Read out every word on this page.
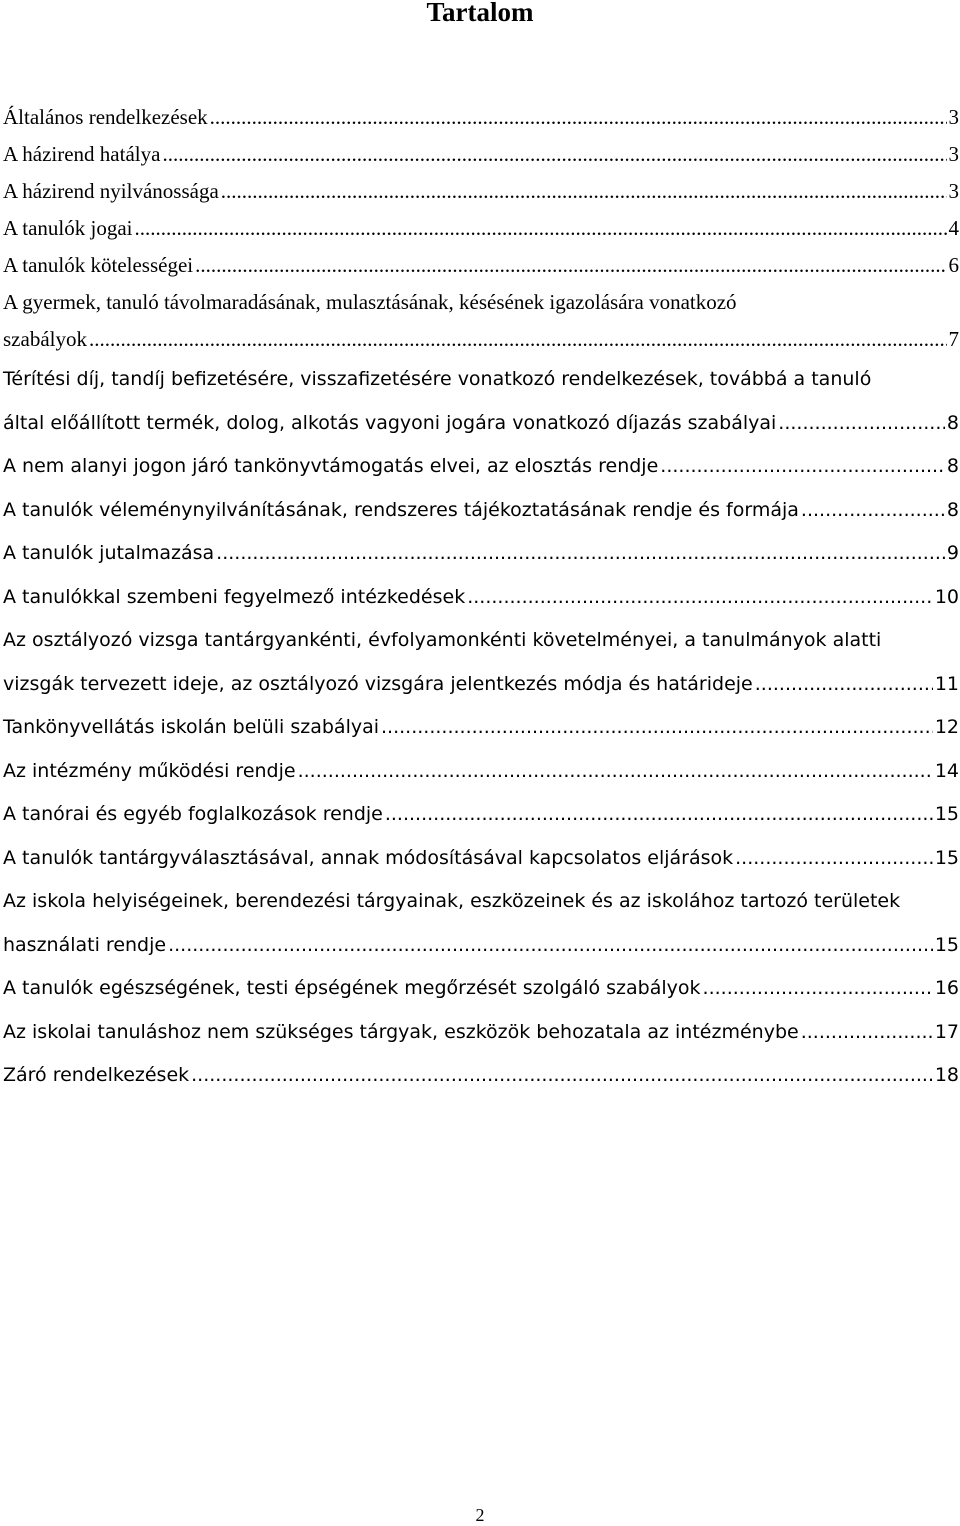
Tartalom
Általános rendelkezések .....	3
A házirend hatálya .....	3
A házirend nyilvánossága .....	3
A tanulók jogai .....	4
A tanulók kötelességei .....	6
A gyermek, tanuló távolmaradásának, mulasztásának, késésének igazolására vonatkozó
szabályok .....	7
Térítési díj, tandíj befizetésére, visszafizetésére vonatkozó rendelkezések, továbbá a tanuló
által előállított termék, dolog, alkotás vagyoni jogára vonatkozó díjazás szabályai .....	8
A nem alanyi jogon járó tankönyvtámogatás elvei, az elosztás rendje .....	8
A tanulók véleménynyilvánításának, rendszeres tájékoztatásának rendje és formája .....	8
A tanulók jutalmazása .....	9
A tanulókkal szembeni fegyelmező intézkedések .....	10
Az osztályozó vizsga tantárgyankénti, évfolyamonkénti követelményei, a tanulmányok alatti
vizsgák tervezett ideje, az osztályozó vizsgára jelentkezés módja és határideje .....	11
Tankönyvellátás iskolán belüli szabályai .....	12
Az intézmény működési rendje .....	14
A tanórai és egyéb foglalkozások rendje .....	15
A tanulók tantárgyválasztásával, annak módosításával kapcsolatos eljárások .....	15
Az iskola helyiségeinek, berendezési tárgyainak, eszközeinek és az iskolához tartozó területek
használati rendje .....	15
A tanulók egészségének, testi épségének megőrzését szolgáló szabályok .....	16
Az iskolai tanuláshoz nem szükséges tárgyak, eszközök behozatala az intézménybe .....	17
Záró rendelkezések .....	18
2
